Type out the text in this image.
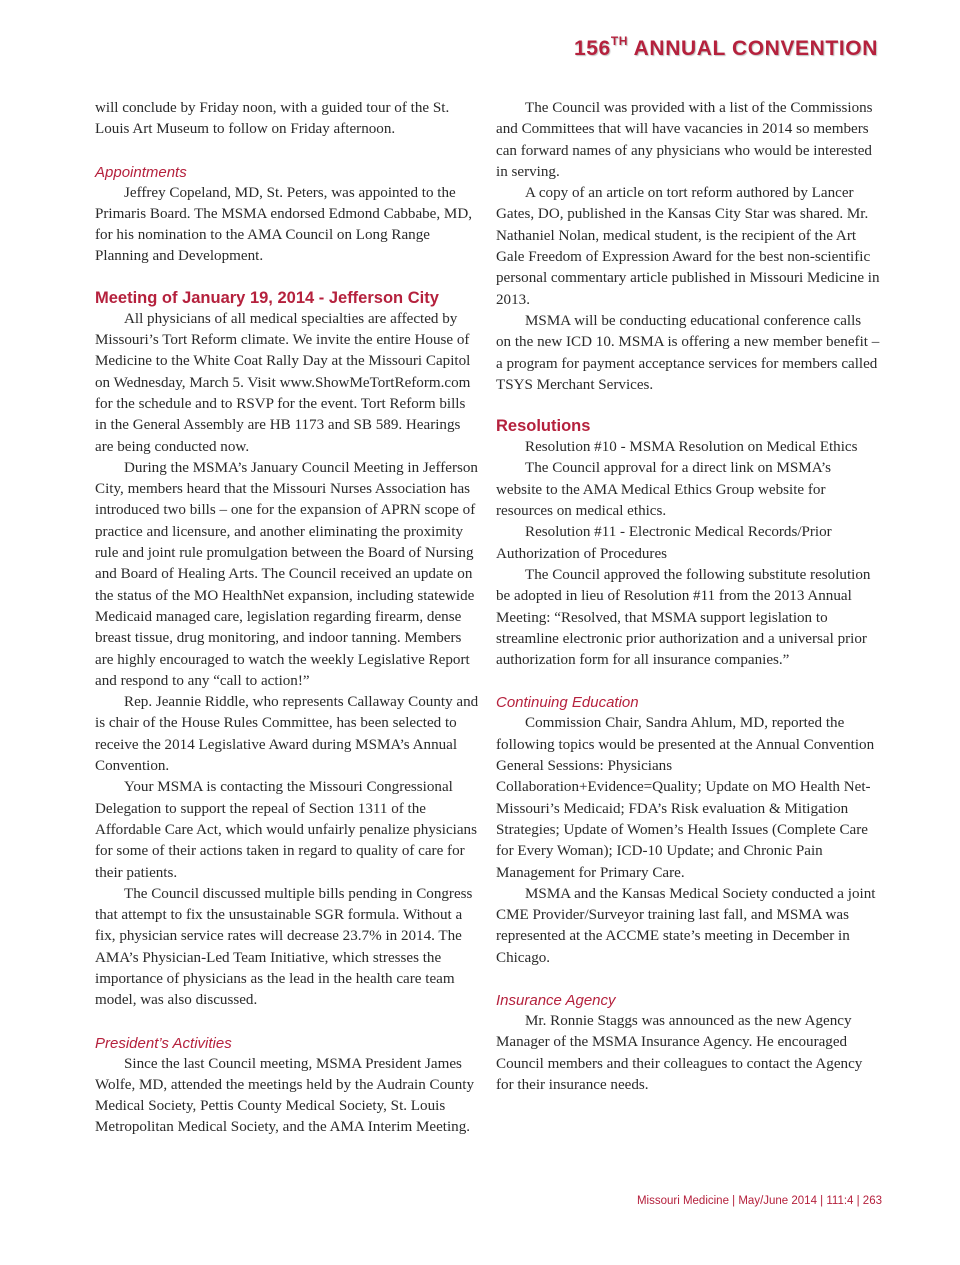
156TH ANNUAL CONVENTION

will conclude by Friday noon, with a guided tour of the St. Louis Art Museum to follow on Friday afternoon.

Appointments

Jeffrey Copeland, MD, St. Peters, was appointed to the Primaris Board. The MSMA endorsed Edmond Cabbabe, MD, for his nomination to the AMA Council on Long Range Planning and Development.

Meeting of January 19, 2014 - Jefferson City

All physicians of all medical specialties are affected by Missouri’s Tort Reform climate. We invite the entire House of Medicine to the White Coat Rally Day at the Missouri Capitol on Wednesday, March 5. Visit www.ShowMeTortReform.com for the schedule and to RSVP for the event. Tort Reform bills in the General Assembly are HB 1173 and SB 589. Hearings are being conducted now.

During the MSMA’s January Council Meeting in Jefferson City, members heard that the Missouri Nurses Association has introduced two bills – one for the expansion of APRN scope of practice and licensure, and another eliminating the proximity rule and joint rule promulgation between the Board of Nursing and Board of Healing Arts. The Council received an update on the status of the MO HealthNet expansion, including statewide Medicaid managed care, legislation regarding firearm, dense breast tissue, drug monitoring, and indoor tanning. Members are highly encouraged to watch the weekly Legislative Report and respond to any “call to action!”

Rep. Jeannie Riddle, who represents Callaway County and is chair of the House Rules Committee, has been selected to receive the 2014 Legislative Award during MSMA’s Annual Convention.

Your MSMA is contacting the Missouri Congressional Delegation to support the repeal of Section 1311 of the Affordable Care Act, which would unfairly penalize physicians for some of their actions taken in regard to quality of care for their patients.

The Council discussed multiple bills pending in Congress that attempt to fix the unsustainable SGR formula. Without a fix, physician service rates will decrease 23.7% in 2014. The AMA’s Physician-Led Team Initiative, which stresses the importance of physicians as the lead in the health care team model, was also discussed.

President’s Activities

Since the last Council meeting, MSMA President James Wolfe, MD, attended the meetings held by the Audrain County Medical Society, Pettis County Medical Society, St. Louis Metropolitan Medical Society, and the AMA Interim Meeting.

The Council was provided with a list of the Commissions and Committees that will have vacancies in 2014 so members can forward names of any physicians who would be interested in serving.

A copy of an article on tort reform authored by Lancer Gates, DO, published in the Kansas City Star was shared. Mr. Nathaniel Nolan, medical student, is the recipient of the Art Gale Freedom of Expression Award for the best non-scientific personal commentary article published in Missouri Medicine in 2013.

MSMA will be conducting educational conference calls on the new ICD 10. MSMA is offering a new member benefit – a program for payment acceptance services for members called TSYS Merchant Services.

Resolutions

Resolution #10 - MSMA Resolution on Medical Ethics

The Council approval for a direct link on MSMA’s website to the AMA Medical Ethics Group website for resources on medical ethics.

Resolution #11 - Electronic Medical Records/Prior Authorization of Procedures

The Council approved the following substitute resolution be adopted in lieu of Resolution #11 from the 2013 Annual Meeting: “Resolved, that MSMA support legislation to streamline electronic prior authorization and a universal prior authorization form for all insurance companies.”

Continuing Education

Commission Chair, Sandra Ahlum, MD, reported the following topics would be presented at the Annual Convention General Sessions: Physicians Collaboration+Evidence=Quality; Update on MO Health Net-Missouri’s Medicaid; FDA’s Risk evaluation & Mitigation Strategies; Update of Women’s Health Issues (Complete Care for Every Woman); ICD-10 Update; and Chronic Pain Management for Primary Care.

MSMA and the Kansas Medical Society conducted a joint CME Provider/Surveyor training last fall, and MSMA was represented at the ACCME state’s meeting in December in Chicago.

Insurance Agency

Mr. Ronnie Staggs was announced as the new Agency Manager of the MSMA Insurance Agency. He encouraged Council members and their colleagues to contact the Agency for their insurance needs.

Missouri Medicine | May/June 2014 | 111:4 | 263
